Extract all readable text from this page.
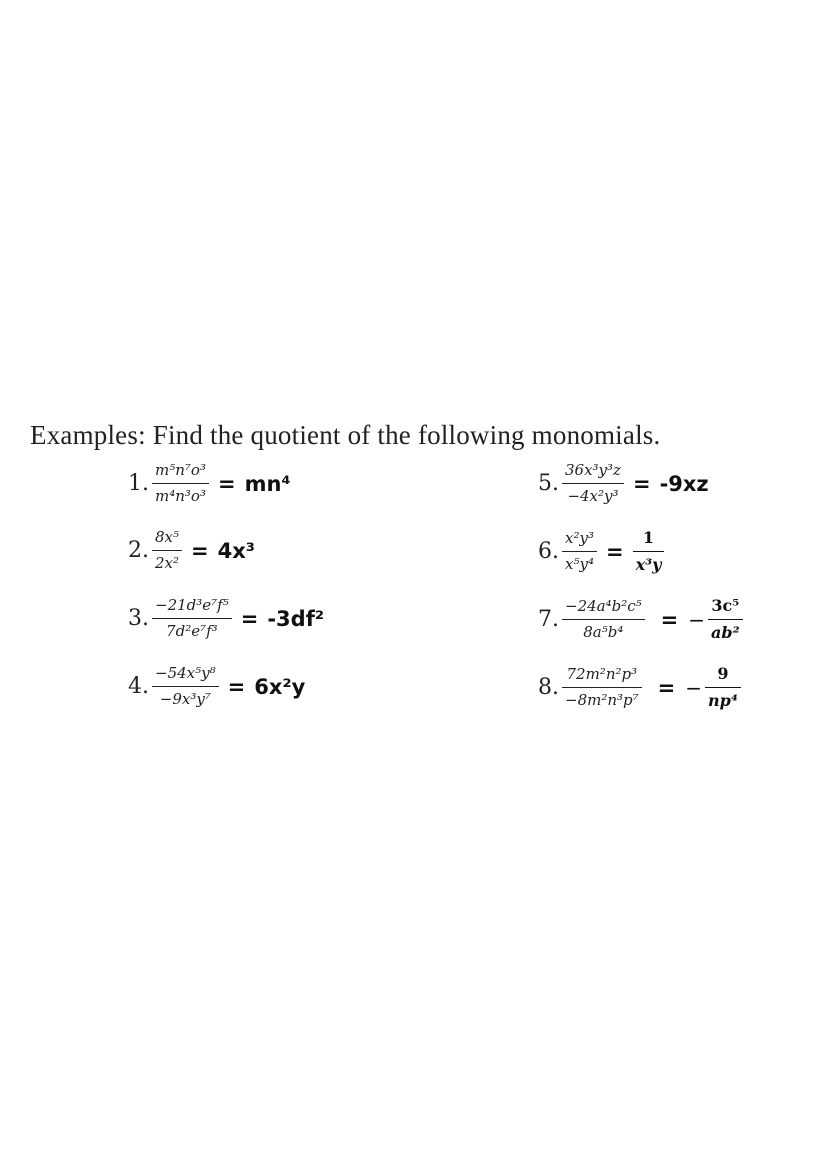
Examples: Find the quotient of the following monomials.
1. $\frac{\text{m⁵n⁷o³}}{\text{m⁴n³o³}} = mn^4$
2. $\frac{\text{8x⁵}}{\text{2x²}} = 4x^3$
3. $\frac{\text{−21d³e⁷f⁵}}{\text{7d²e⁷f³}} = -3df^2$
4. $\frac{\text{−54x⁵y⁸}}{\text{−9x³y⁷}} = 6x^2y$
5. $\frac{\text{36x³y³z}}{\text{−4x²y³}} = -9xz$
6. $\frac{\text{x²y³}}{\text{x⁵y⁴}} = \frac{1}{\text{x³y}}$
7. $\frac{\text{−24a⁴b²c⁵}}{\text{8a⁵b⁴}}$ = − $\frac{\text{3c⁵}}{\text{ab²}}$
8. $\frac{\text{72m²n²p³}}{\text{−8m²n³p⁷}}$ = − $\frac{9}{\text{np⁴}}$
